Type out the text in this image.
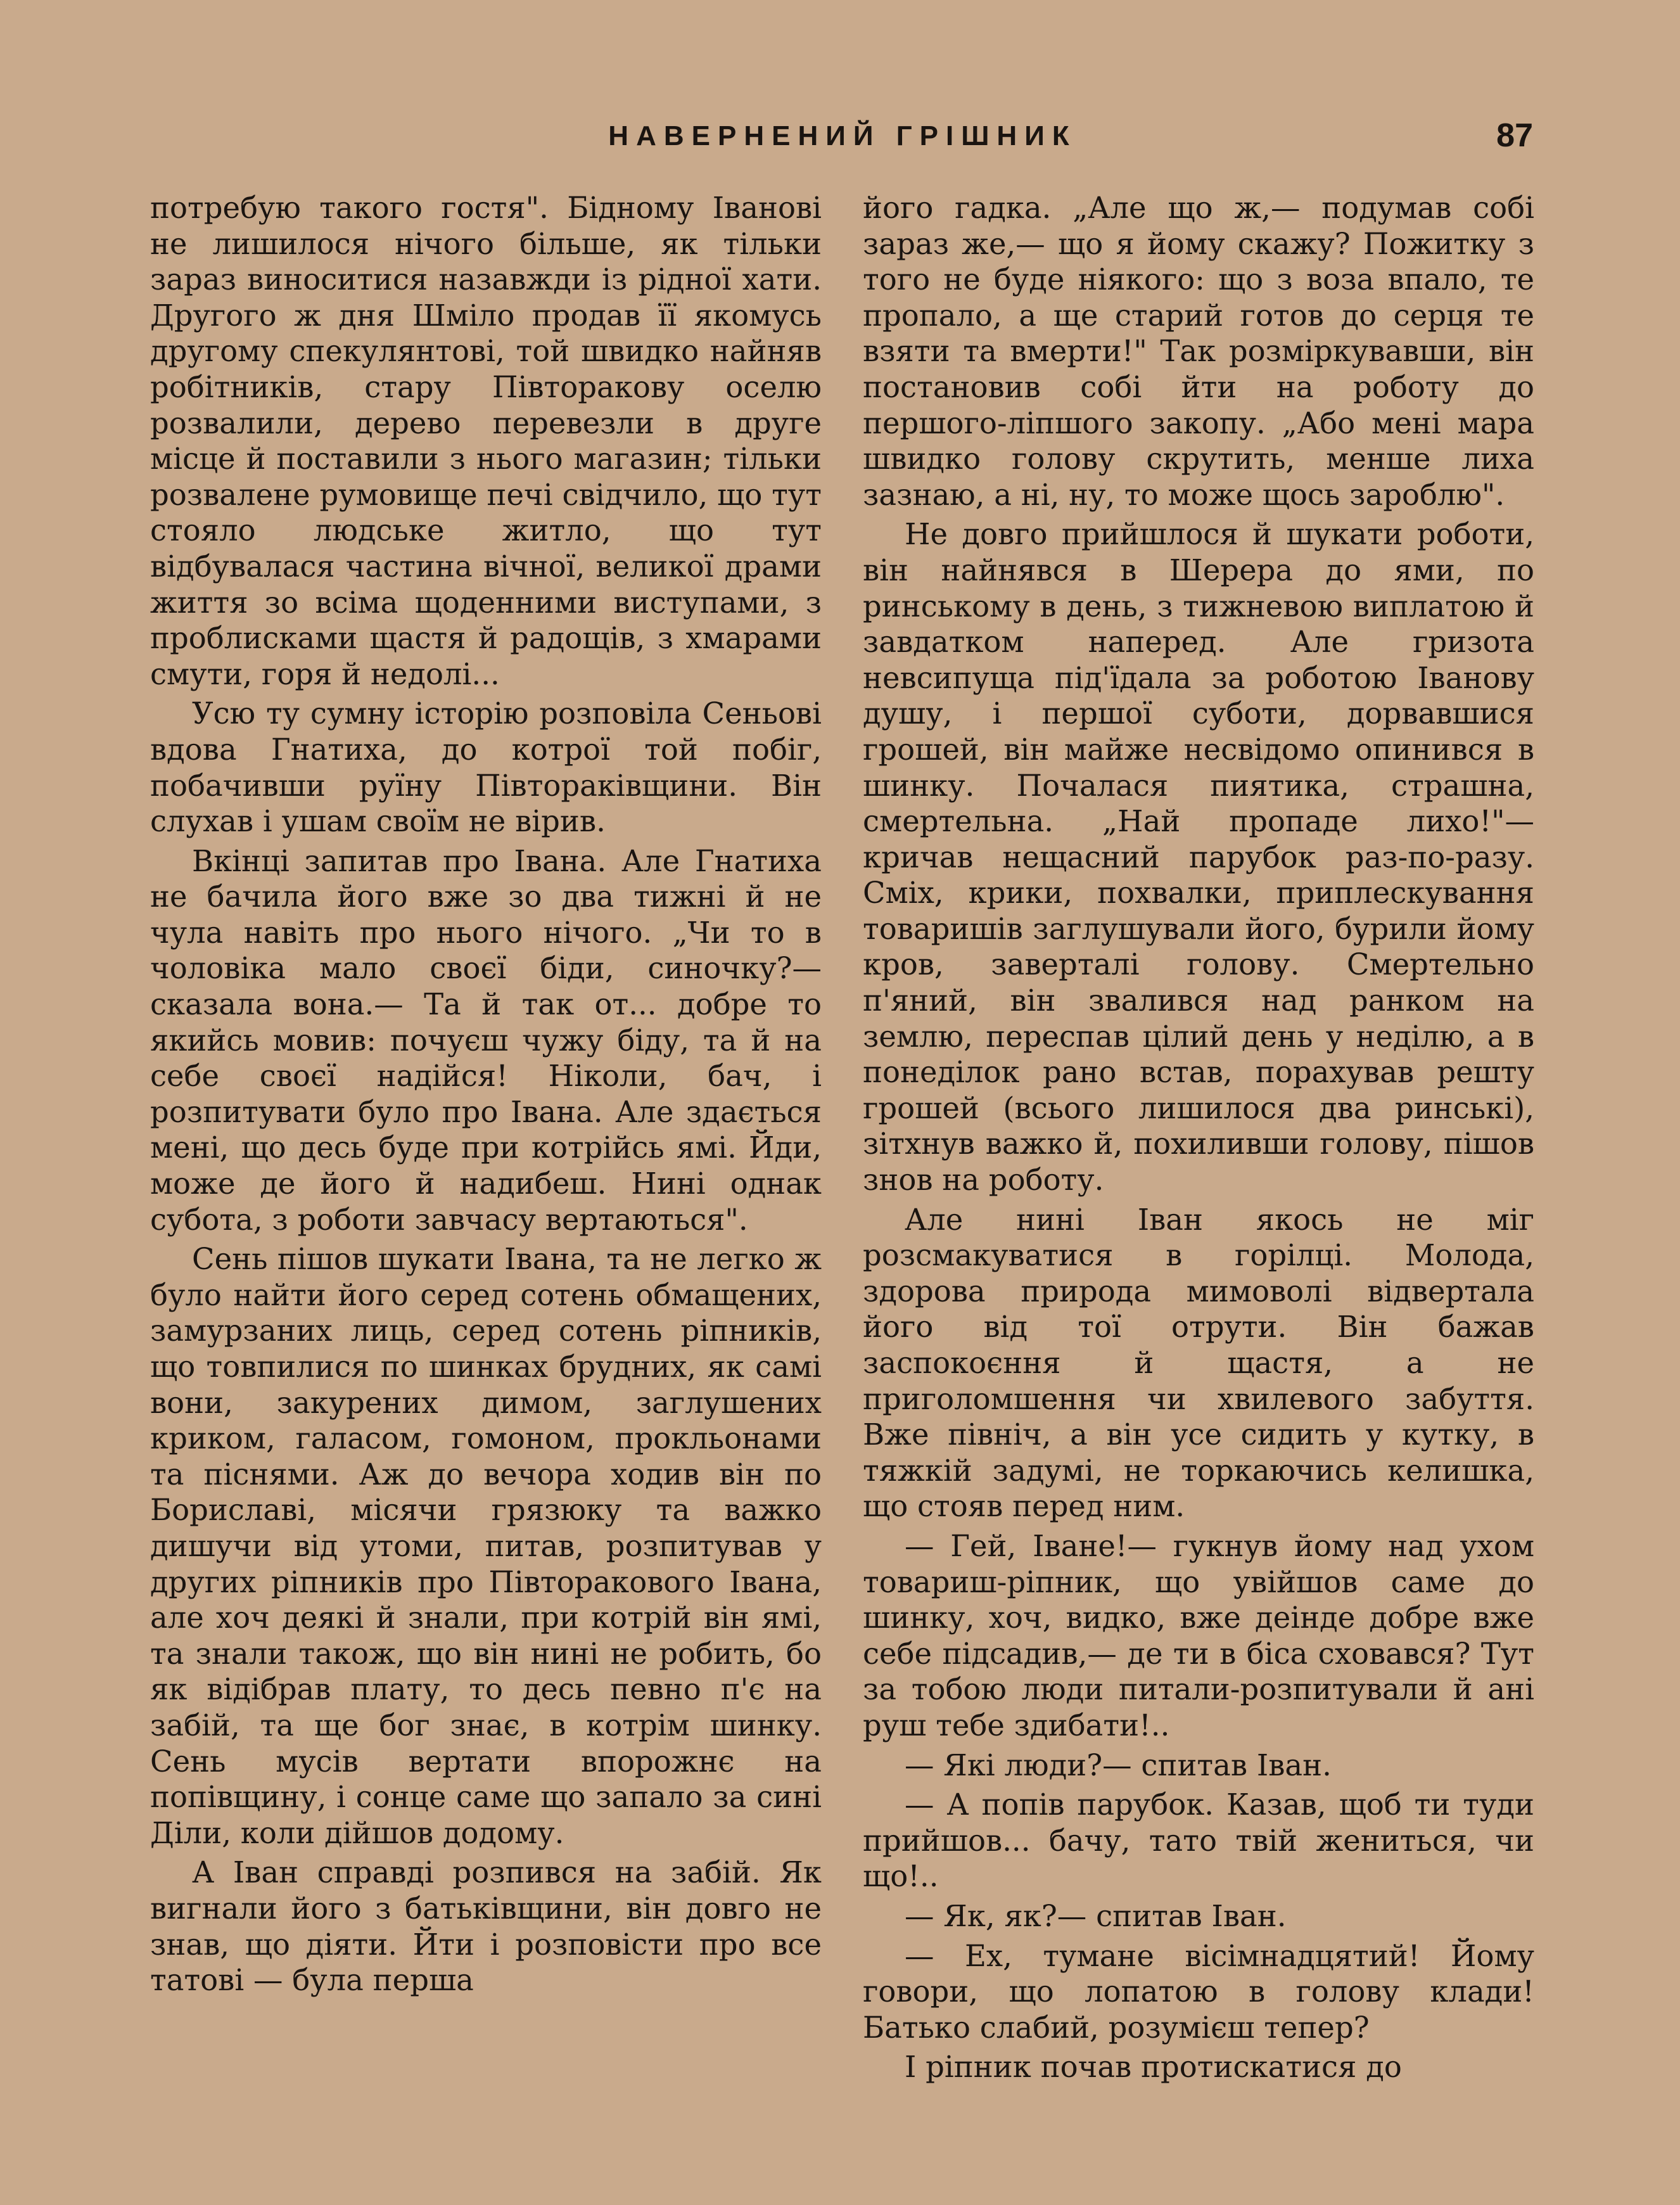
НАВЕРНЕНИЙ ГРІШНИК	87

потребую такого гостя". Бідному Іванові не лишилося нічого більше, як тільки зараз виноситися назавжди із рідної хати. Другого ж дня Шміло продав її якомусь другому спекулянтові, той швидко найняв робітників, стару Півторакову оселю розвалили, дерево перевезли в друге місце й поставили з нього магазин; тільки розвалене румовище печі свідчило, що тут стояло людське житло, що тут відбувалася частина вічної, великої драми життя зо всіма щоденними виступами, з проблисками щастя й радощів, з хмарами смути, горя й недолі...

Усю ту сумну історію розповіла Сеньові вдова Гнатиха, до котрої той побіг, побачивши руїну Півтораківщини. Він слухав і ушам своїм не вірив.

Вкінці запитав про Івана. Але Гнатиха не бачила його вже зо два тижні й не чула навіть про нього нічого. „Чи то в чоловіка мало своєї біди, синочку?— сказала вона.— Та й так от... добре то якийсь мовив: почуєш чужу біду, та й на себе своєї надійся! Ніколи, бач, і розпитувати було про Івана. Але здається мені, що десь буде при котрійсь ямі. Йди, може де його й надибеш. Нині однак субота, з роботи завчасу вертаються".

Сень пішов шукати Івана, та не легко ж було найти його серед сотень обмащених, замурзаних лиць, серед сотень ріпників, що товпилися по шинках брудних, як самі вони, закурених димом, заглушених криком, галасом, гомоном, прокльонами та піснями. Аж до вечора ходив він по Бориславі, місячи грязюку та важко дишучи від утоми, питав, розпитував у других ріпників про Півторакового Івана, але хоч деякі й знали, при котрій він ямі, та знали також, що він нині не робить, бо як відібрав плату, то десь певно п'є на забій, та ще бог знає, в котрім шинку. Сень мусів вертати впорожнє на попівщину, і сонце саме що запало за сині Діли, коли дійшов додому.

А Іван справді розпився на забій. Як вигнали його з батьківщини, він довго не знав, що діяти. Йти і розповісти про все татові — була перша

його гадка. „Але що ж,— подумав собі зараз же,— що я йому скажу? Пожитку з того не буде ніякого: що з воза впало, те пропало, а ще старий готов до серця те взяти та вмерти!" Так розміркувавши, він постановив собі йти на роботу до першого-ліпшого закопу. „Або мені мара швидко голову скрутить, менше лиха зазнаю, а ні, ну, то може щось зароблю".

Не довго прийшлося й шукати роботи, він найнявся в Шерера до ями, по ринському в день, з тижневою виплатою й завдатком наперед. Але гризота невсипуща під'їдала за роботою Іванову душу, і першої суботи, дорвавшися грошей, він майже несвідомо опинився в шинку. Почалася пиятика, страшна, смертельна. „Най пропаде лихо!"— кричав нещасний парубок раз-по-разу. Сміх, крики, похвалки, приплескування товаришів заглушували його, бурили йому кров, заверталі голову. Смертельно п'яний, він звалився над ранком на землю, переспав цілий день у неділю, а в понеділок рано встав, порахував решту грошей (всього лишилося два ринські), зітхнув важко й, похиливши голову, пішов знов на роботу.

Але нині Іван якось не міг розсмакуватися в горілці. Молода, здорова природа мимоволі відвертала його від тої отрути. Він бажав заспокоєння й щастя, а не приголомшення чи хвилевого забуття. Вже північ, а він усе сидить у кутку, в тяжкій задумі, не торкаючись келишка, що стояв перед ним.

— Гей, Іване!— гукнув йому над ухом товариш-ріпник, що увійшов саме до шинку, хоч, видко, вже деінде добре вже себе підсадив,— де ти в біса сховався? Тут за тобою люди питали-розпитували й ані руш тебе здибати!..

— Які люди?— спитав Іван.

— А попів парубок. Казав, щоб ти туди прийшов... бачу, тато твій жениться, чи що!..

— Як, як?— спитав Іван.

— Ех, тумане вісімнадцятий! Йому говори, що лопатою в голову клади! Батько слабий, розумієш тепер?

І ріпник почав протискатися до
